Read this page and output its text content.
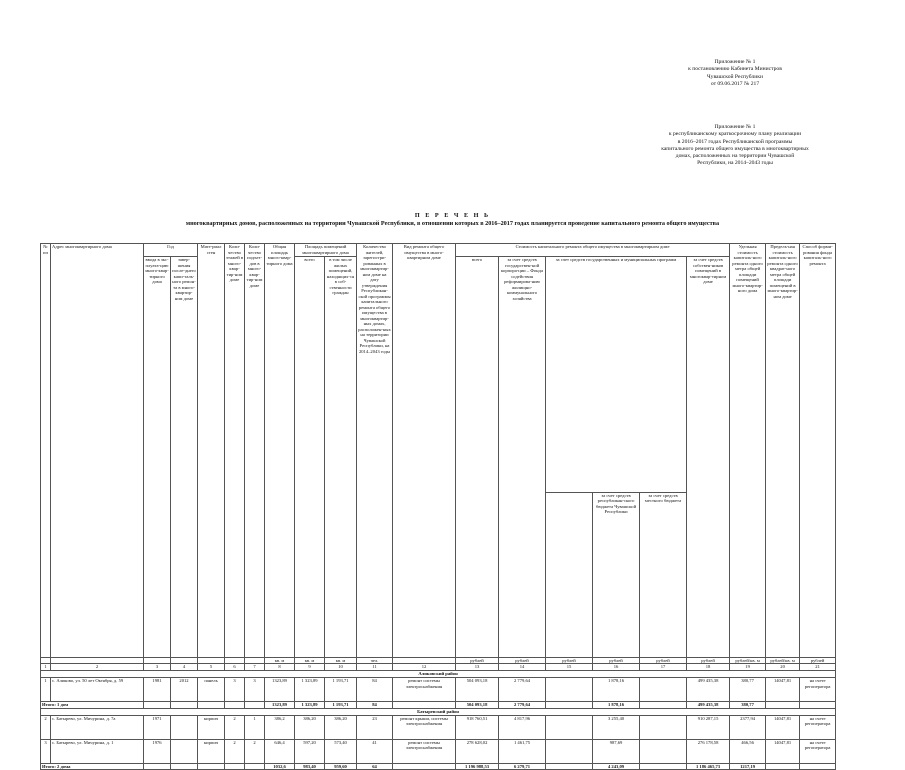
Приложение № 1
к постановлению Кабинета Министров
Чувашской Республики
от 09.06.2017 № 217
Приложение № 1
к республиканскому краткосрочному плану реализации
в 2016–2017 годах Республиканской программы
капитального ремонта общего имущества в многоквартирных
домах, расположенных на территории Чувашской
Республики, на 2014–2043 годы
П Е Р Е Ч Е Н Ь
многоквартирных домов, расположенных на территории Чувашской Республики, в отношении которых в 2016–2017 годах планируется проведение капитального ремонта общего имущества
№ пп	Адрес многоквартирного дома	Год		Мате-риал стен	Коли-чество этажей в много-квар-тир-ном доме	Коли-чество подъез-дов в много-квар-тир-ном доме	Общая площадь много-квар-тирного дома	Площадь помещений многоквартирного дома		Количество жителей, зарегистри-рованных в многоквартир-ном доме на дату утверждения Республикан-ской программы капитального ремонта общего имущества в многоквартир-ных домах, расположен-ных на территории Чувашской Республики, на 2014–2043 годы	Вид ремонта общего имущества в много-квартирном доме	Стоимость капитального ремонта общего имущества в многоквартирном доме						Удельная стоимость капиталь-ного ремонта одного метра общей площади помещений много-квартир-ного дома	Предель-ная стоимость капиталь-ного ремонта одного квадрат-ного метра общей площади помещений в много-квартир-ном доме	Способ форми-рования фонда капиталь-ного ремонта	
		ввода в экс-плуата-цию много-квар-тирного дома	завер-шения после-днего капи-таль-ного ремон-та в много-квартир-ном доме					всего	в том числе жилых помещений, находящих-ся в соб-ственности граждан			всего	за счет средств государствен-ной корпора-ции – Фонда содействия реформирова-нию жилищно-коммунального хозяйства	за счет средств государственных и муниципальных программ			за счет средств собствен-ников помещений в многоквар-тирном доме				
															за счет средств республикан-ского бюджета Чувашской Республики	за счет средств местного бюджета					
							кв. м	кв. м	кв. м	чел.		рублей	рублей	рублей	рублей	рублей	рублей	рублей/кв. м	рублей/кв. м	рублей	
1	2	3	4	5	6	7	8	9	10	11	12	13	14	15	16	17	18	19	20	21	
Аликовский район																					
1	с. Аликово, ул. 50 лет Октября, д. 59	1981	2012	панель	3	3	1323,89	1 323,89	1 193,71	84	ремонт системы электроснабжения	504 093,18	2 779,64		1 878,16		499 435,38	380,77	14047,81	на счете регоператора	
Итого: 1 дом							1323,89	1 323,89	1 193,71	84		504 093,18	2 779,64		1 878,16		499 435,38	380,77			
Батыревский район																					
2	с. Батырево, ул. Мичурина, д. 7а	1971		кирпич	2	1	386,2	386,20	386,20	23	ремонт крыши, системы электроснабжения	918 760,51	4 817,96		3 255,40		910 287,15	2377,94	14047,81	на счете регоператора	
3	с. Батырево, ул. Мичурина, д. 1	1976		кирпич	2	2	646,4	597,20	573,40	41	ремонт системы электроснабжения	278 628,02	1 461,75		987,69		276 178,58	466,56	14047,81	на счете регоператора	
Итого: 2 дома							1032,6	983,40	959,60	64		1 196 988,53	6 279,71		4 243,09		1 186 465,73	1217,19			
